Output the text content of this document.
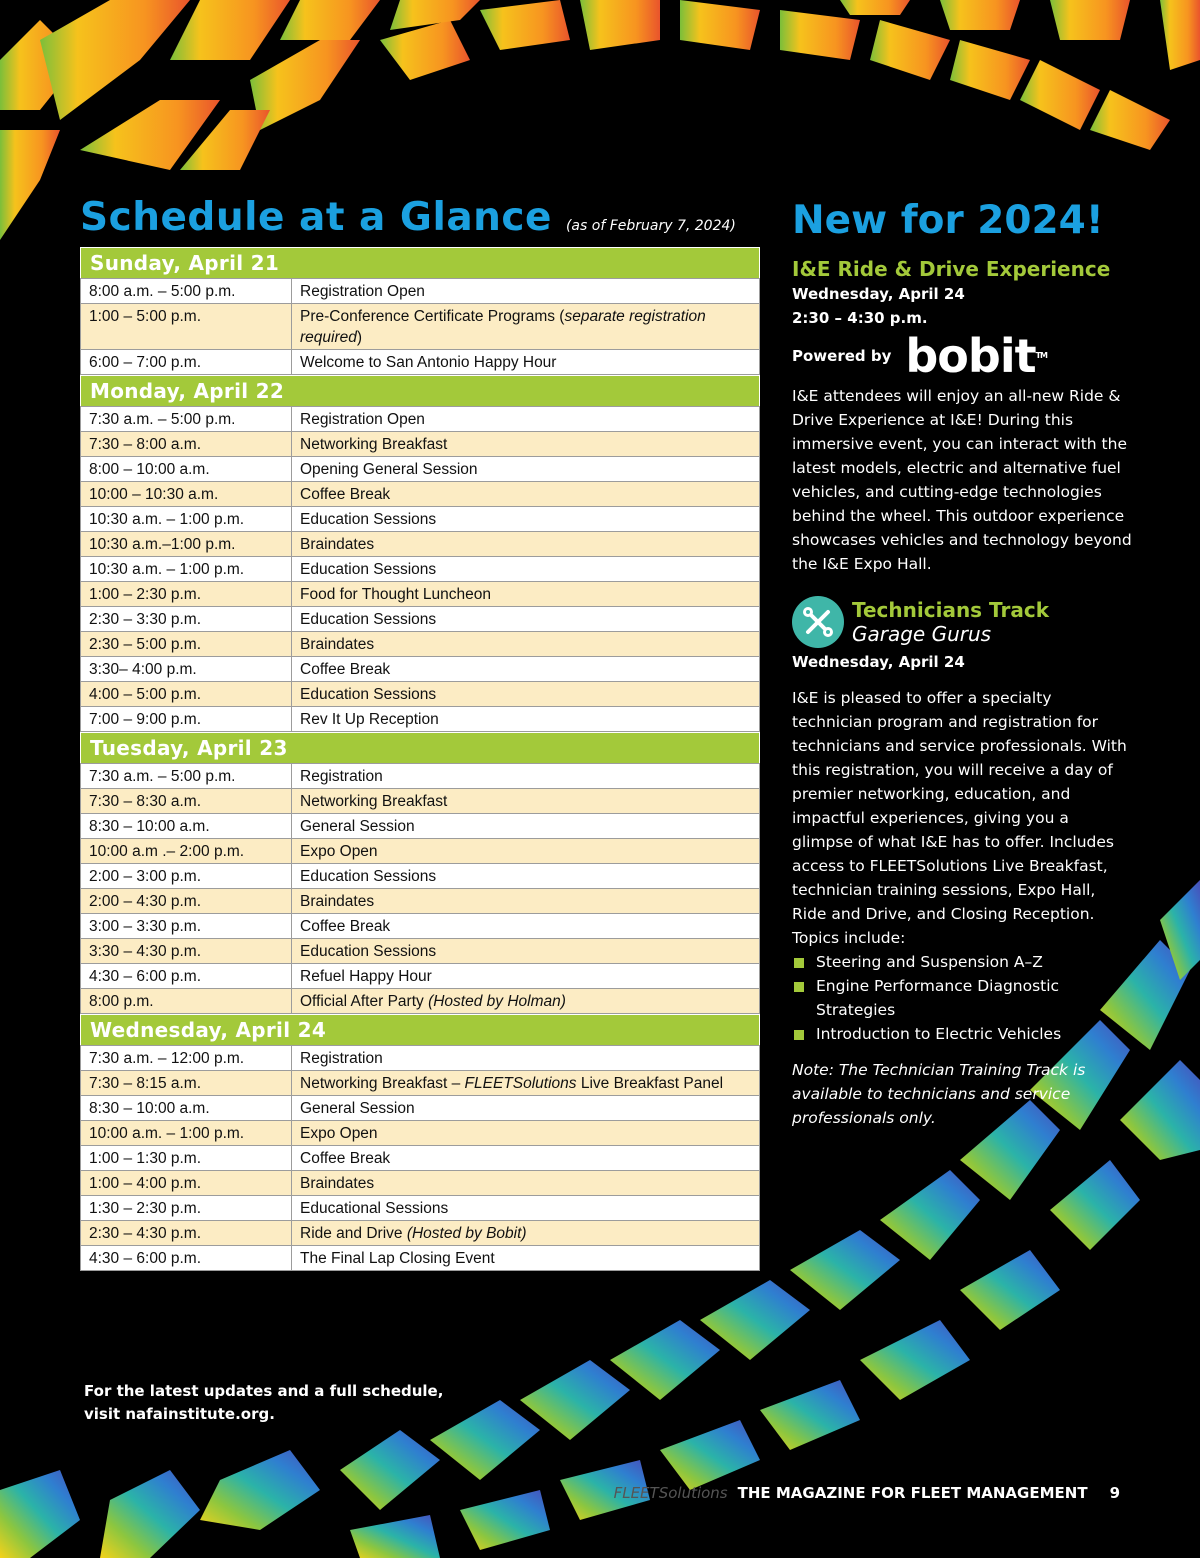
Schedule at a Glance (as of February 7, 2024)
Sunday, April 21
8:00 a.m. – 5:00 p.m.	Registration Open
1:00 – 5:00 p.m.	Pre-Conference Certificate Programs (separate registration required)
6:00 – 7:00 p.m.	Welcome to San Antonio Happy Hour
Monday, April 22
7:30 a.m. – 5:00 p.m.	Registration Open
7:30 – 8:00 a.m.	Networking Breakfast
8:00 – 10:00 a.m.	Opening General Session
10:00 – 10:30 a.m.	Coffee Break
10:30 a.m. – 1:00 p.m.	Education Sessions
10:30 a.m.–1:00 p.m.	Braindates
10:30 a.m. – 1:00 p.m.	Education Sessions
1:00 – 2:30 p.m.	Food for Thought Luncheon
2:30 – 3:30 p.m.	Education Sessions
2:30 – 5:00 p.m.	Braindates
3:30– 4:00 p.m.	Coffee Break
4:00 – 5:00 p.m.	Education Sessions
7:00 – 9:00 p.m.	Rev It Up Reception
Tuesday, April 23
7:30 a.m. – 5:00 p.m.	Registration
7:30 – 8:30 a.m.	Networking Breakfast
8:30 – 10:00 a.m.	General Session
10:00 a.m .– 2:00 p.m.	Expo Open
2:00 – 3:00 p.m.	Education Sessions
2:00 – 4:30 p.m.	Braindates
3:00 – 3:30 p.m.	Coffee Break
3:30 – 4:30 p.m.	Education Sessions
4:30 – 6:00 p.m.	Refuel Happy Hour
8:00 p.m.	Official After Party (Hosted by Holman)
Wednesday, April 24
7:30 a.m. – 12:00 p.m.	Registration
7:30 – 8:15 a.m.	Networking Breakfast – FLEETSolutions Live Breakfast Panel
8:30 – 10:00 a.m.	General Session
10:00 a.m. – 1:00 p.m.	Expo Open
1:00 – 1:30 p.m.	Coffee Break
1:00 – 4:00 p.m.	Braindates
1:30 – 2:30 p.m.	Educational Sessions
2:30 – 4:30 p.m.	Ride and Drive (Hosted by Bobit)
4:30 – 6:00 p.m.	The Final Lap Closing Event
For the latest updates and a full schedule,
visit nafainstitute.org.
New for 2024!
I&E Ride & Drive Experience
Wednesday, April 24
2:30 – 4:30 p.m.
Powered by bobitTM
I&E attendees will enjoy an all-new Ride & Drive Experience at I&E! During this immersive event, you can interact with the latest models, electric and alternative fuel vehicles, and cutting-edge technologies behind the wheel. This outdoor experience showcases vehicles and technology beyond the I&E Expo Hall.
Technicians Track
Garage Gurus
Wednesday, April 24
I&E is pleased to offer a specialty technician program and registration for technicians and service professionals. With this registration, you will receive a day of premier networking, education, and impactful experiences, giving you a glimpse of what I&E has to offer. Includes access to FLEETSolutions Live Breakfast, technician training sessions, Expo Hall, Ride and Drive, and Closing Reception. Topics include:
Steering and Suspension A–Z
Engine Performance Diagnostic Strategies
Introduction to Electric Vehicles
Note: The Technician Training Track is available to technicians and service professionals only.
FLEETSolutions THE MAGAZINE FOR FLEET MANAGEMENT 9
